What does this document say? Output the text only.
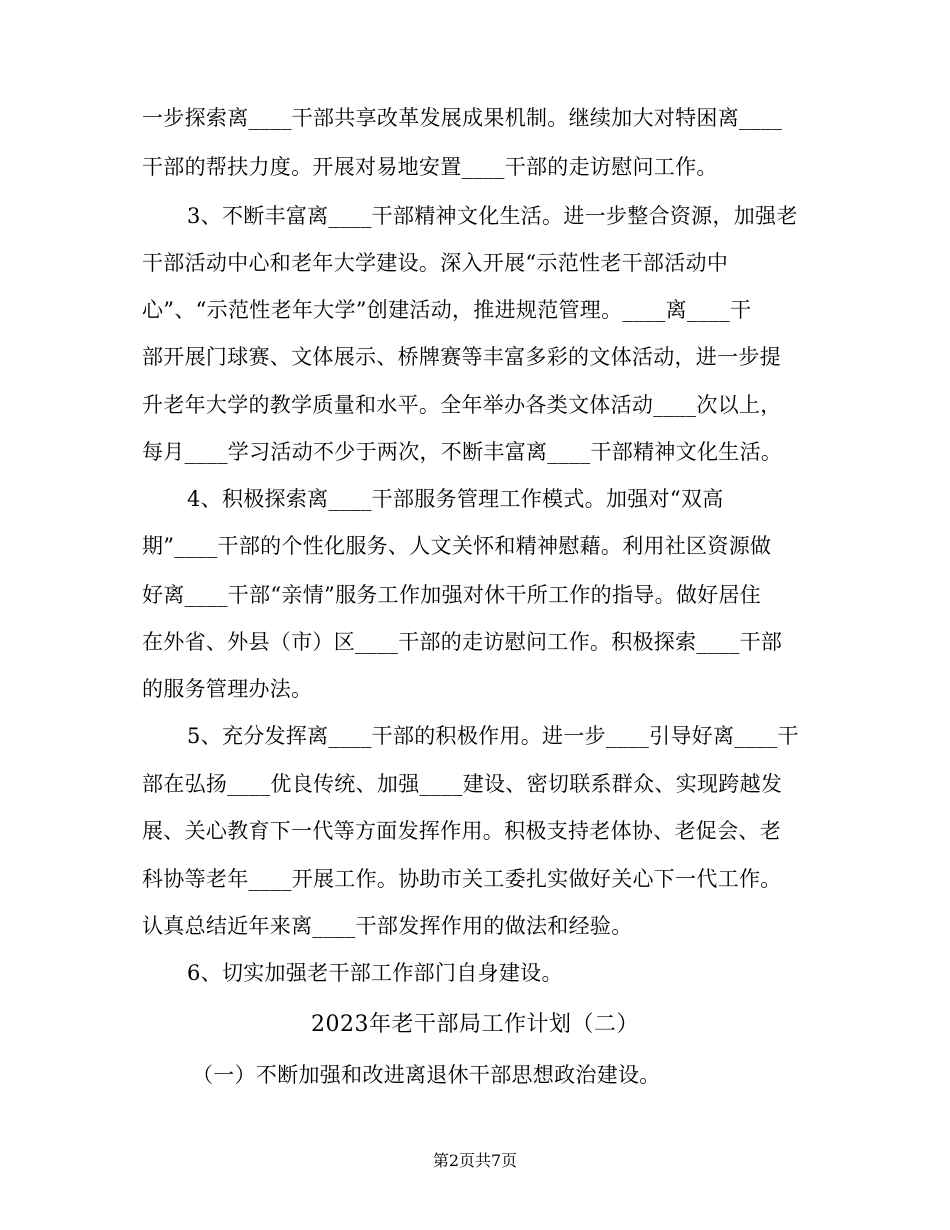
一步探索离____干部共享改革发展成果机制。继续加大对特困离____
干部的帮扶力度。开展对易地安置____干部的走访慰问工作。
3、不断丰富离____干部精神文化生活。进一步整合资源，加强老
干部活动中心和老年大学建设。深入开展“示范性老干部活动中
心”、“示范性老年大学”创建活动，推进规范管理。____离____干
部开展门球赛、文体展示、桥牌赛等丰富多彩的文体活动，进一步提
升老年大学的教学质量和水平。全年举办各类文体活动____次以上，
每月____学习活动不少于两次，不断丰富离____干部精神文化生活。
4、积极探索离____干部服务管理工作模式。加强对“双高
期”____干部的个性化服务、人文关怀和精神慰藉。利用社区资源做
好离____干部“亲情”服务工作加强对休干所工作的指导。做好居住
在外省、外县（市）区____干部的走访慰问工作。积极探索____干部
的服务管理办法。
5、充分发挥离____干部的积极作用。进一步____引导好离____干
部在弘扬____优良传统、加强____建设、密切联系群众、实现跨越发
展、关心教育下一代等方面发挥作用。积极支持老体协、老促会、老
科协等老年____开展工作。协助市关工委扎实做好关心下一代工作。
认真总结近年来离____干部发挥作用的做法和经验。
6、切实加强老干部工作部门自身建设。
2023年老干部局工作计划（二）
（一）不断加强和改进离退休干部思想政治建设。
第2页共7页
